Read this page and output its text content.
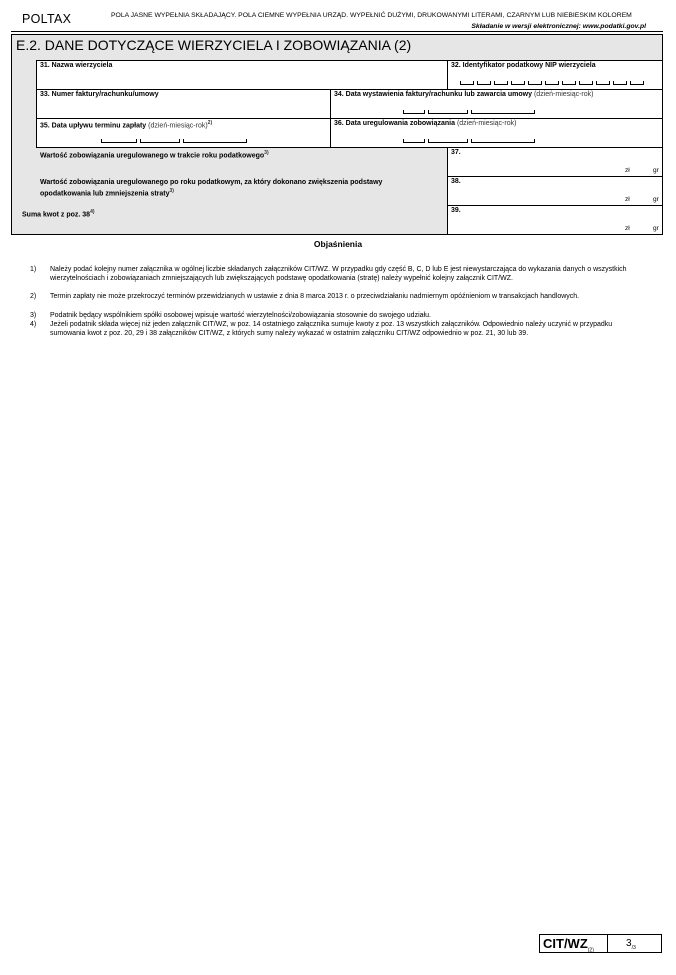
POLTAX	POLA JASNE WYPEŁNIA SKŁADAJĄCY. POLA CIEMNE WYPEŁNIA URZĄD. WYPEŁNIĆ DUŻYMI, DRUKOWANYMI LITERAMI, CZARNYM LUB NIEBIESKIM KOLOREM
Składanie w wersji elektronicznej: www.podatki.gov.pl
E.2. DANE DOTYCZĄCE WIERZYCIELA I ZOBOWIĄZANIA (2)
31. Nazwa wierzyciela	32. Identyfikator podatkowy NIP wierzyciela
33. Numer faktury/rachunku/umowy	34. Data wystawienia faktury/rachunku lub zawarcia umowy (dzień-miesiąc-rok)
35. Data upływu terminu zapłaty (dzień-miesiąc-rok)$^{2)}$	36. Data uregulowania zobowiązania (dzień-miesiąc-rok)
Wartość zobowiązania uregulowanego w trakcie roku podatkowego$^{3)}$	37.
zł	gr
Wartość zobowiązania uregulowanego po roku podatkowym, za który dokonano zwiększenia podstawy opodatkowania lub zmniejszenia straty$^{3)}$
38.
zł	gr
Suma kwot z poz. 38$^{4)}$	39.
zł	gr
Objaśnienia
1) Należy podać kolejny numer załącznika w ogólnej liczbie składanych załączników CIT/WZ. W przypadku gdy część B, C, D lub E jest niewystarczająca do wykazania danych o wszystkich wierzytelnościach i zobowiązaniach zmniejszających lub zwiększających podstawę opodatkowania (stratę) należy wypełnić kolejny załącznik CIT/WZ.
2) Termin zapłaty nie może przekroczyć terminów przewidzianych w ustawie z dnia 8 marca 2013 r. o przeciwdziałaniu nadmiernym opóźnieniom w transakcjach handlowych.
3) Podatnik będący wspólnikiem spółki osobowej wpisuje wartość wierzytelności/zobowiązania stosownie do swojego udziału.
4) Jeżeli podatnik składa więcej niż jeden załącznik CIT/WZ, w poz. 14 ostatniego załącznika sumuje kwoty z poz. 13 wszystkich załączników. Odpowiednio należy uczynić w przypadku sumowania kwot z poz. 20, 29 i 38 załączników CIT/WZ, z których sumy należy wykazać w ostatnim załączniku CIT/WZ odpowiednio w poz. 21, 30 lub 39.
CIT/$WZ_{(2)}$
$3_{/3}$
